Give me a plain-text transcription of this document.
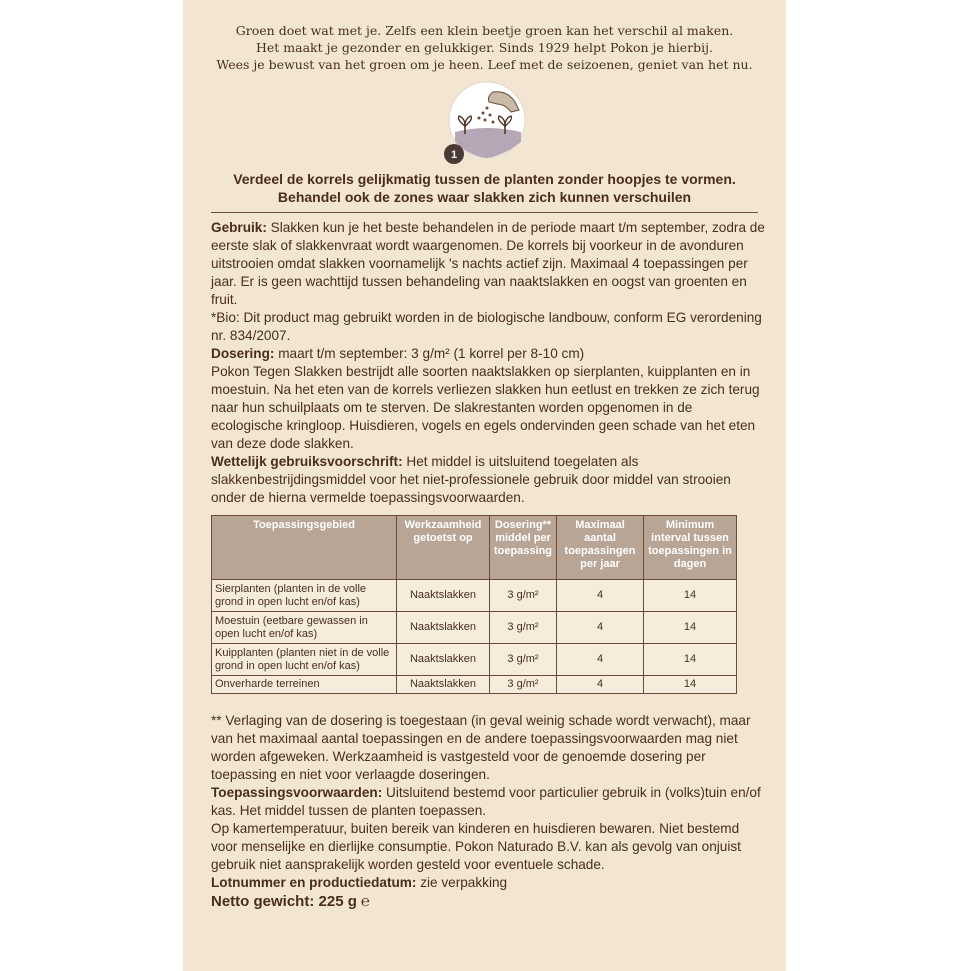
Groen doet wat met je. Zelfs een klein beetje groen kan het verschil al maken.
Het maakt je gezonder en gelukkiger. Sinds 1929 helpt Pokon je hierbij.
Wees je bewust van het groen om je heen. Leef met de seizoenen, geniet van het nu.
1
Verdeel de korrels gelijkmatig tussen de planten zonder hoopjes te vormen.
Behandel ook de zones waar slakken zich kunnen verschuilen

Gebruik: Slakken kun je het beste behandelen in de periode maart t/m september, zodra de eerste slak of slakkenvraat wordt waargenomen. De korrels bij voorkeur in de avonduren uitstrooien omdat slakken voornamelijk 's nachts actief zijn. Maximaal 4 toepassingen per jaar. Er is geen wachttijd tussen behandeling van naaktslakken en oogst van groenten en fruit.

*Bio: Dit product mag gebruikt worden in de biologische landbouw, conform EG verordening nr. 834/2007.

Dosering: maart t/m september: 3 g/m² (1 korrel per 8-10 cm)

Pokon Tegen Slakken bestrijdt alle soorten naaktslakken op sierplanten, kuipplanten en in moestuin. Na het eten van de korrels verliezen slakken hun eetlust en trekken ze zich terug naar hun schuilplaats om te sterven. De slakrestanten worden opgenomen in de ecologische kringloop. Huisdieren, vogels en egels ondervinden geen schade van het eten van deze dode slakken.

Wettelijk gebruiksvoorschrift: Het middel is uitsluitend toegelaten als slakkenbestrijdingsmiddel voor het niet-professionele gebruik door middel van strooien onder de hierna vermelde toepassingsvoorwaarden.

Toepassingsgebied	Werkzaamheid getoetst op	Dosering** middel per toepassing	Maximaal aantal toepassingen per jaar	Minimum interval tussen toepassingen in dagen
Sierplanten (planten in de volle grond in open lucht en/of kas)	Naaktslakken	3 g/m²	4	14
Moestuin (eetbare gewassen in open lucht en/of kas)	Naaktslakken	3 g/m²	4	14
Kuipplanten (planten niet in de volle grond in open lucht en/of kas)	Naaktslakken	3 g/m²	4	14
Onverharde terreinen	Naaktslakken	3 g/m²	4	14

** Verlaging van de dosering is toegestaan (in geval weinig schade wordt verwacht), maar van het maximaal aantal toepassingen en de andere toepassingsvoorwaarden mag niet worden afgeweken. Werkzaamheid is vastgesteld voor de genoemde dosering per toepassing en niet voor verlaagde doseringen.

Toepassingsvoorwaarden: Uitsluitend bestemd voor particulier gebruik in (volks)tuin en/of kas. Het middel tussen de planten toepassen.

Op kamertemperatuur, buiten bereik van kinderen en huisdieren bewaren. Niet bestemd voor menselijke en dierlijke consumptie. Pokon Naturado B.V. kan als gevolg van onjuist gebruik niet aansprakelijk worden gesteld voor eventuele schade.

Lotnummer en productiedatum: zie verpakking

Netto gewicht: 225 g ℮
